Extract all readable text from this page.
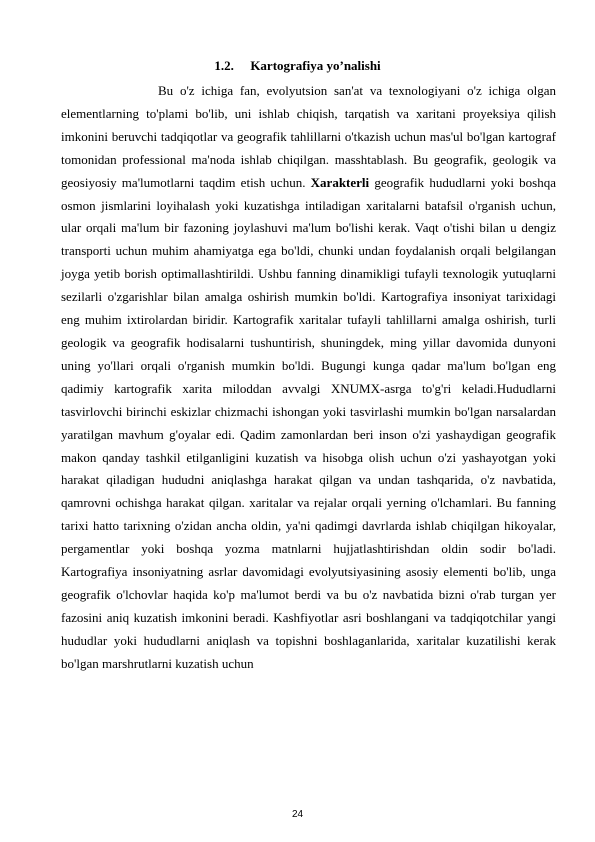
1.2. Kartografiya yo’nalishi

Bu o'z ichiga fan, evolyutsion san'at va texnologiyani o'z ichiga olgan elementlarning to'plami bo'lib, uni ishlab chiqish, tarqatish va xaritani proyeksiya qilish imkonini beruvchi tadqiqotlar va geografik tahlillarni o'tkazish uchun mas'ul bo'lgan kartograf tomonidan professional ma'noda ishlab chiqilgan. masshtablash. Bu geografik, geologik va geosiyosiy ma'lumotlarni taqdim etish uchun. Xarakterli geografik hududlarni yoki boshqa osmon jismlarini loyihalash yoki kuzatishga intiladigan xaritalarni batafsil o'rganish uchun, ular orqali ma'lum bir fazoning joylashuvi ma'lum bo'lishi kerak. Vaqt o'tishi bilan u dengiz transporti uchun muhim ahamiyatga ega bo'ldi, chunki undan foydalanish orqali belgilangan joyga yetib borish optimallashtirildi. Ushbu fanning dinamikligi tufayli texnologik yutuqlarni sezilarli o'zgarishlar bilan amalga oshirish mumkin bo'ldi. Kartografiya insoniyat tarixidagi eng muhim ixtirolardan biridir. Kartografik xaritalar tufayli tahlillarni amalga oshirish, turli geologik va geografik hodisalarni tushuntirish, shuningdek, ming yillar davomida dunyoni uning yo'llari orqali o'rganish mumkin bo'ldi. Bugungi kunga qadar ma'lum bo'lgan eng qadimiy kartografik xarita miloddan avvalgi XNUMX-asrga to'g'ri keladi.Hududlarni tasvirlovchi birinchi eskizlar chizmachi ishongan yoki tasvirlashi mumkin bo'lgan narsalardan yaratilgan mavhum g'oyalar edi. Qadim zamonlardan beri inson o'zi yashaydigan geografik makon qanday tashkil etilganligini kuzatish va hisobga olish uchun o'zi yashayotgan yoki harakat qiladigan hududni aniqlashga harakat qilgan va undan tashqarida, o'z navbatida, qamrovni ochishga harakat qilgan. xaritalar va rejalar orqali yerning o'lchamlari. Bu fanning tarixi hatto tarixning o'zidan ancha oldin, ya'ni qadimgi davrlarda ishlab chiqilgan hikoyalar, pergamentlar yoki boshqa yozma matnlarni hujjatlashtirishdan oldin sodir bo'ladi. Kartografiya insoniyatning asrlar davomidagi evolyutsiyasining asosiy elementi bo'lib, unga geografik o'lchovlar haqida ko'p ma'lumot berdi va bu o'z navbatida bizni o'rab turgan yer fazosini aniq kuzatish imkonini beradi. Kashfiyotlar asri boshlangani va tadqiqotchilar yangi hududlar yoki hududlarni aniqlash va topishni boshlaganlarida, xaritalar kuzatilishi kerak bo'lgan marshrutlarni kuzatish uchun

24
